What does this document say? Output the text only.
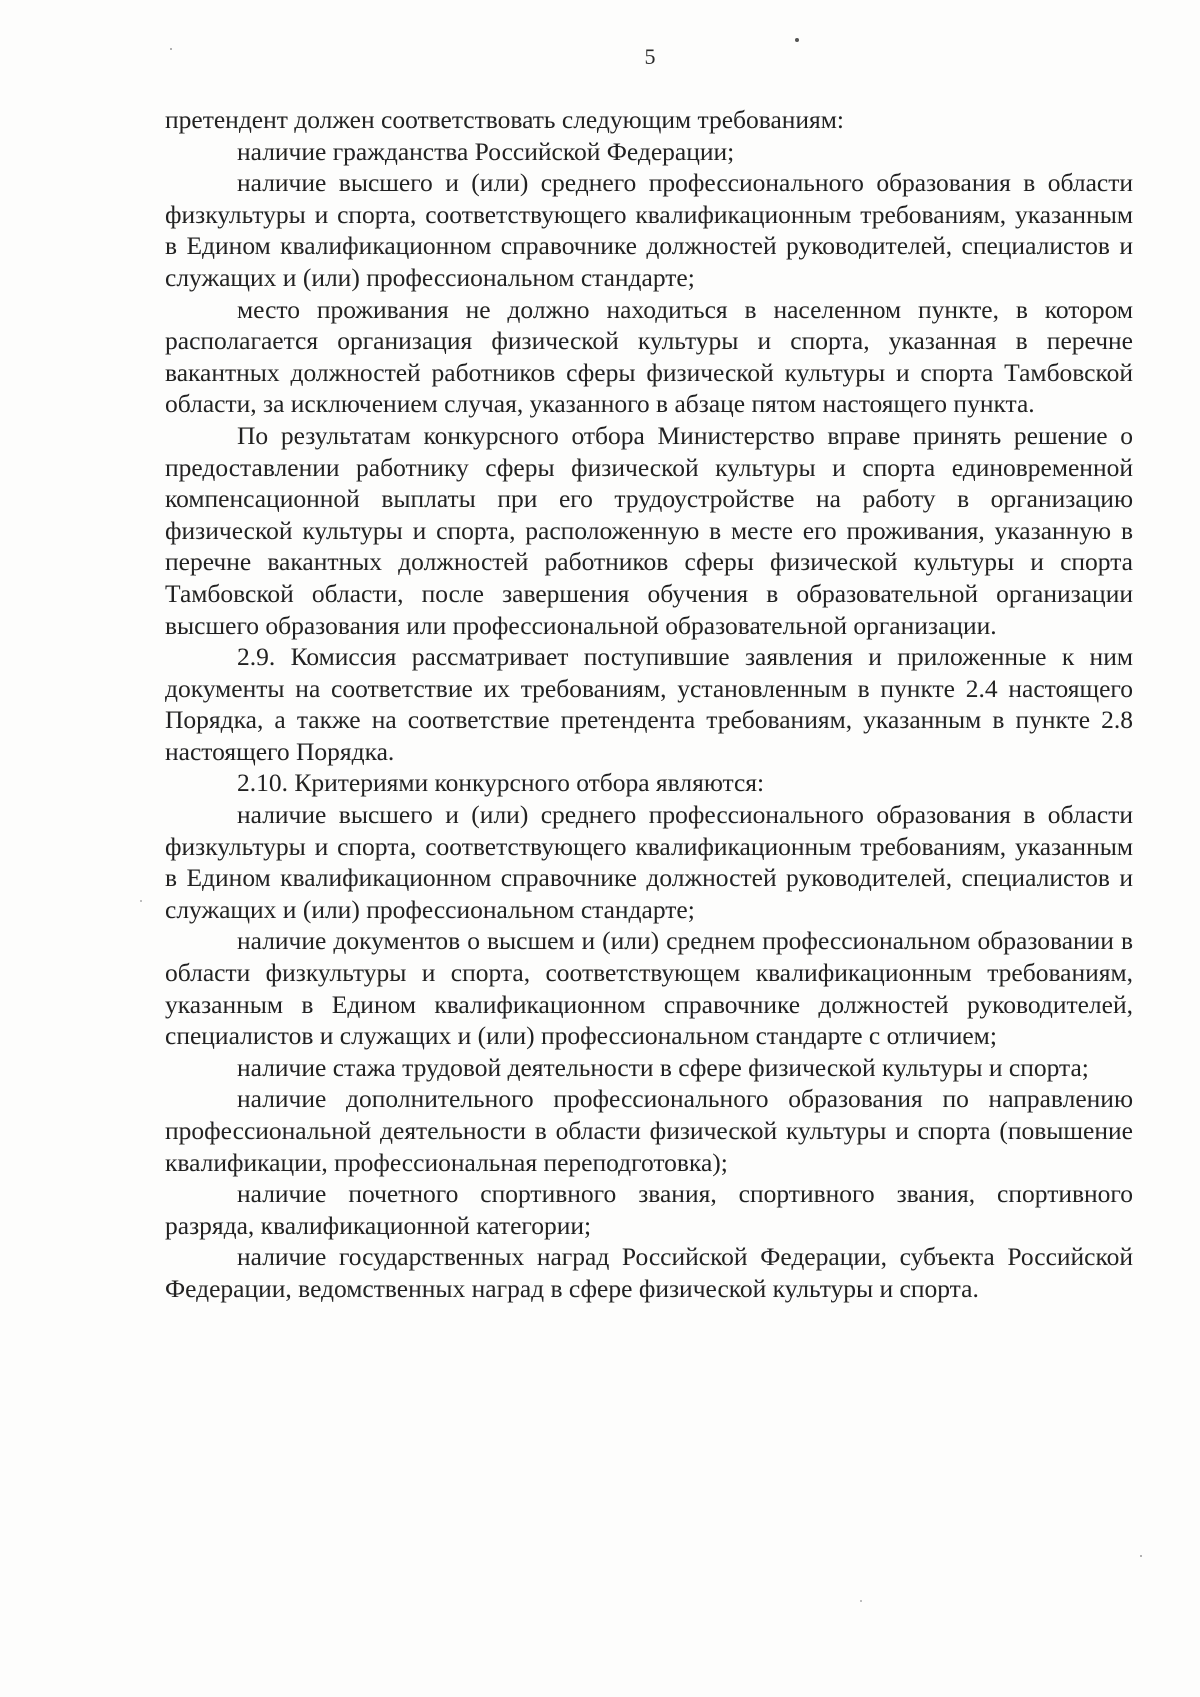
5

претендент должен соответствовать следующим требованиям:

наличие гражданства Российской Федерации;

наличие высшего и (или) среднего профессионального образования в области физкультуры и спорта, соответствующего квалификационным требованиям, указанным в Едином квалификационном справочнике должностей руководителей, специалистов и служащих и (или) профессиональном стандарте;

место проживания не должно находиться в населенном пункте, в котором располагается организация физической культуры и спорта, указанная в перечне вакантных должностей работников сферы физической культуры и спорта Тамбовской области, за исключением случая, указанного в абзаце пятом настоящего пункта.

По результатам конкурсного отбора Министерство вправе принять решение о предоставлении работнику сферы физической культуры и спорта единовременной компенсационной выплаты при его трудоустройстве на работу в организацию физической культуры и спорта, расположенную в месте его проживания, указанную в перечне вакантных должностей работников сферы физической культуры и спорта Тамбовской области, после завершения обучения в образовательной организации высшего образования или профессиональной образовательной организации.

2.9. Комиссия рассматривает поступившие заявления и приложенные к ним документы на соответствие их требованиям, установленным в пункте 2.4 настоящего Порядка, а также на соответствие претендента требованиям, указанным в пункте 2.8 настоящего Порядка.

2.10. Критериями конкурсного отбора являются:

наличие высшего и (или) среднего профессионального образования в области физкультуры и спорта, соответствующего квалификационным требованиям, указанным в Едином квалификационном справочнике должностей руководителей, специалистов и служащих и (или) профессиональном стандарте;

наличие документов о высшем и (или) среднем профессиональном образовании в области физкультуры и спорта, соответствующем квалификационным требованиям, указанным в Едином квалификационном справочнике должностей руководителей, специалистов и служащих и (или) профессиональном стандарте с отличием;

наличие стажа трудовой деятельности в сфере физической культуры и спорта;

наличие дополнительного профессионального образования по направлению профессиональной деятельности в области физической культуры и спорта (повышение квалификации, профессиональная переподготовка);

наличие почетного спортивного звания, спортивного звания, спортивного разряда, квалификационной категории;

наличие государственных наград Российской Федерации, субъекта Российской Федерации, ведомственных наград в сфере физической культуры и спорта.
